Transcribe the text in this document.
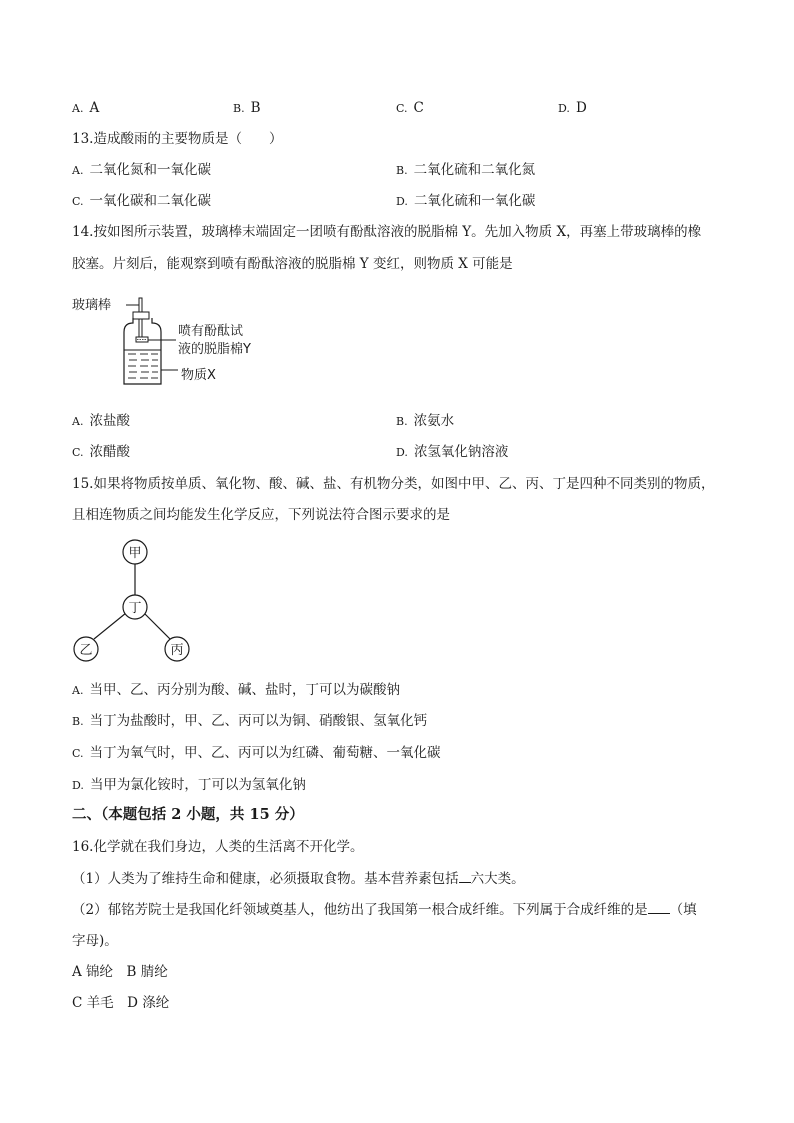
A. A	B. B	C. C	D. D
13.造成酸雨的主要物质是（　　）
A. 二氧化氮和一氧化碳	B. 二氧化硫和二氧化氮
C. 一氧化碳和二氧化碳	D. 二氧化硫和一氧化碳
14.按如图所示装置，玻璃棒末端固定一团喷有酚酞溶液的脱脂棉 Y。先加入物质 X，再塞上带玻璃棒的橡
胶塞。片刻后，能观察到喷有酚酞溶液的脱脂棉 Y 变红，则物质 X 可能是
玻璃棒
喷有酚酞试
液的脱脂棉Y
物质X
A. 浓盐酸	B. 浓氨水
C. 浓醋酸	D. 浓氢氧化钠溶液
15.如果将物质按单质、氧化物、酸、碱、盐、有机物分类，如图中甲、乙、丙、丁是四种不同类别的物质，
且相连物质之间均能发生化学反应，下列说法符合图示要求的是
甲
丁
乙	丙
A. 当甲、乙、丙分别为酸、碱、盐时，丁可以为碳酸钠
B. 当丁为盐酸时，甲、乙、丙可以为铜、硝酸银、氢氧化钙
C. 当丁为氧气时，甲、乙、丙可以为红磷、葡萄糖、一氧化碳
D. 当甲为氯化铵时，丁可以为氢氧化钠
二、（本题包括 2 小题，共 15 分）
16.化学就在我们身边，人类的生活离不开化学。
（1）人类为了维持生命和健康，必须摄取食物。基本营养素包括 六大类。
（2）郁铭芳院士是我国化纤领域奠基人，他纺出了我国第一根合成纤维。下列属于合成纤维的是 （填
字母)。
A 锦纶　B 腈纶
C 羊毛　D 涤纶
